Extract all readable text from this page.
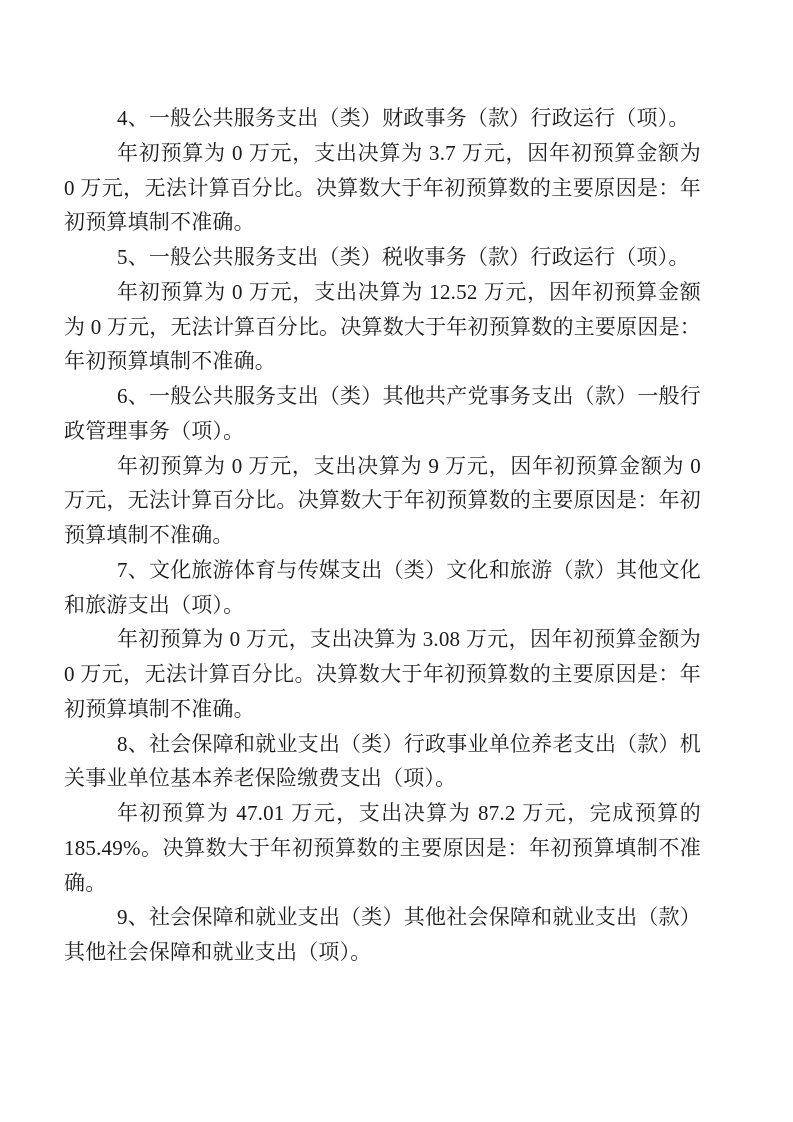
4、一般公共服务支出（类）财政事务（款）行政运行（项）。

年初预算为 0 万元，支出决算为 3.7 万元，因年初预算金额为 0 万元，无法计算百分比。决算数大于年初预算数的主要原因是：年初预算填制不准确。

5、一般公共服务支出（类）税收事务（款）行政运行（项）。

年初预算为 0 万元，支出决算为 12.52 万元，因年初预算金额为 0 万元，无法计算百分比。决算数大于年初预算数的主要原因是：年初预算填制不准确。

6、一般公共服务支出（类）其他共产党事务支出（款）一般行政管理事务（项）。

年初预算为 0 万元，支出决算为 9 万元，因年初预算金额为 0 万元，无法计算百分比。决算数大于年初预算数的主要原因是：年初预算填制不准确。

7、文化旅游体育与传媒支出（类）文化和旅游（款）其他文化和旅游支出（项）。

年初预算为 0 万元，支出决算为 3.08 万元，因年初预算金额为 0 万元，无法计算百分比。决算数大于年初预算数的主要原因是：年初预算填制不准确。

8、社会保障和就业支出（类）行政事业单位养老支出（款）机关事业单位基本养老保险缴费支出（项）。

年初预算为 47.01 万元，支出决算为 87.2 万元，完成预算的 185.49%。决算数大于年初预算数的主要原因是：年初预算填制不准确。

9、社会保障和就业支出（类）其他社会保障和就业支出（款）其他社会保障和就业支出（项）。
